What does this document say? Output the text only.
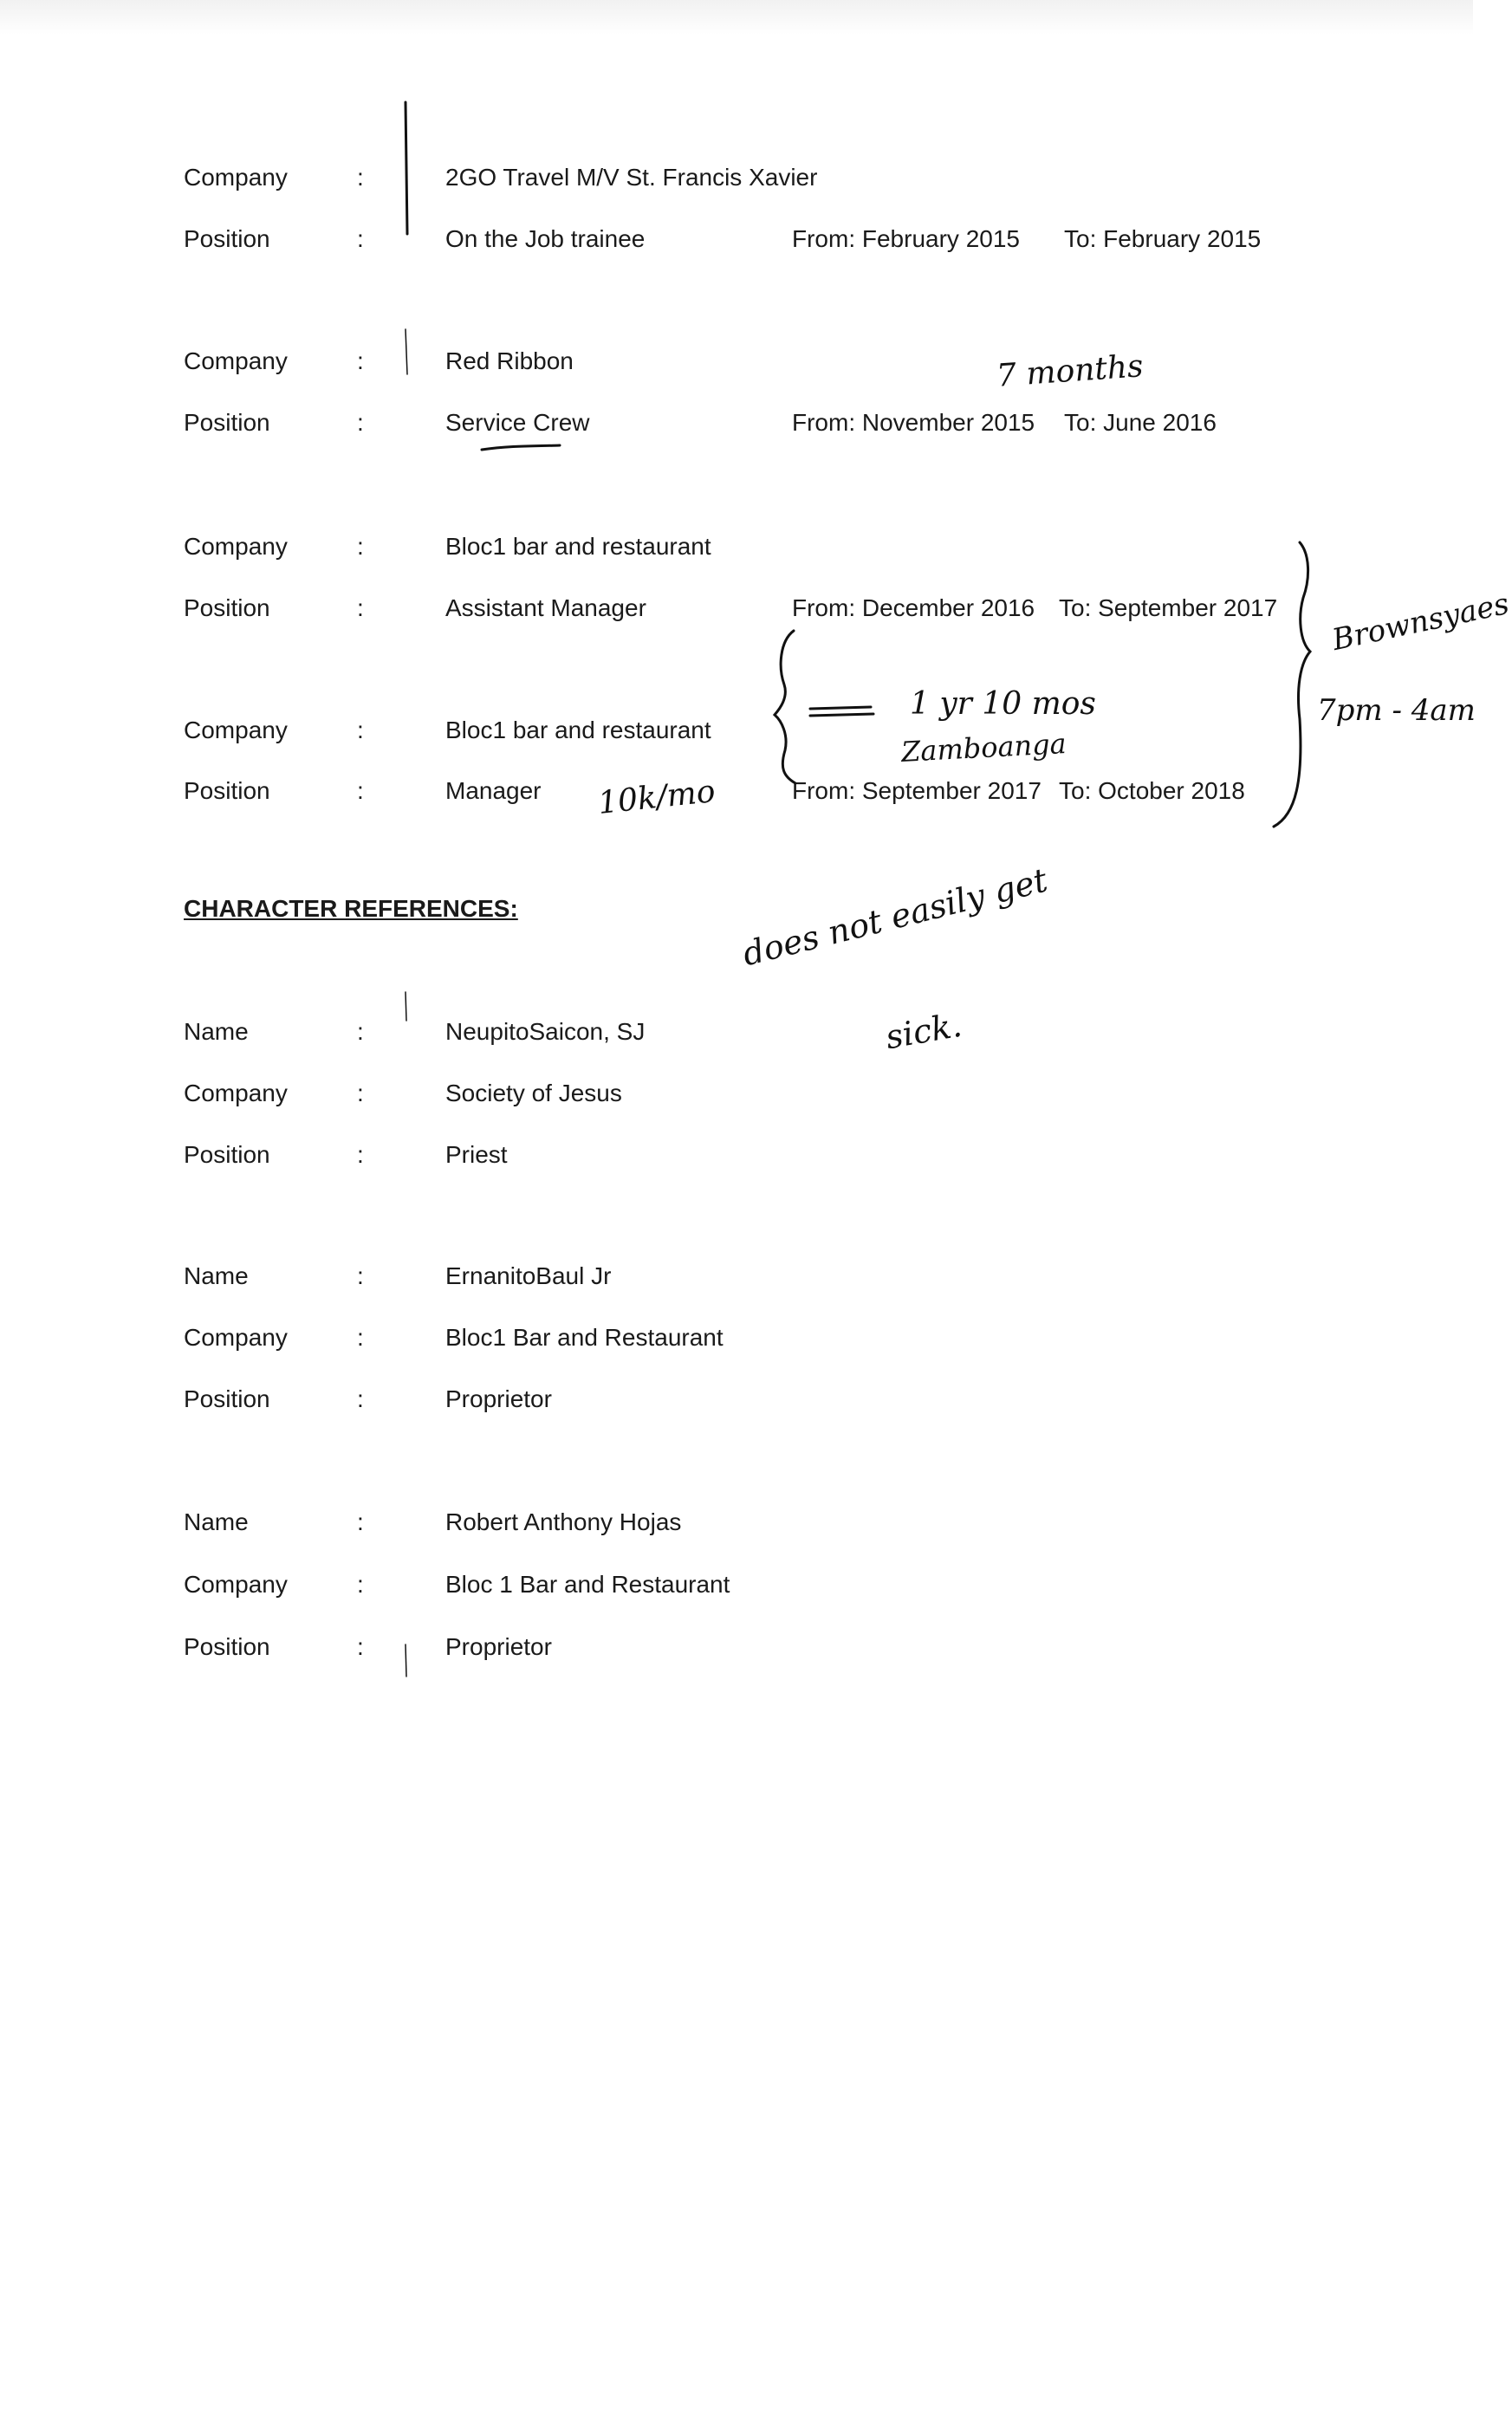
Company	:	2GO Travel M/V St. Francis Xavier
Position	:	On the Job trainee	From: February 2015 To: February 2015
Company	:	Red Ribbon
Position	:	Service Crew	From: November 2015 To: June 2016
Company	:	Bloc1 bar and restaurant
Position	:	Assistant Manager	From: December 2016 To: September 2017
Company	:	Bloc1 bar and restaurant
Position	:	Manager	From: September 2017 To: October 2018
CHARACTER REFERENCES:
Name	:	NeupitoSaicon, SJ
Company	:	Society of Jesus
Position	:	Priest
Name	:	ErnanitoBaul Jr
Company	:	Bloc1 Bar and Restaurant
Position	:	Proprietor
Name	:	Robert Anthony Hojas
Company	:	Bloc 1 Bar and Restaurant
Position	:	Proprietor
7 months
10k/mo
1 yr 10 mos
Zamboanga
Brownsyaes
7pm - 4am
does not easily get
sick.
